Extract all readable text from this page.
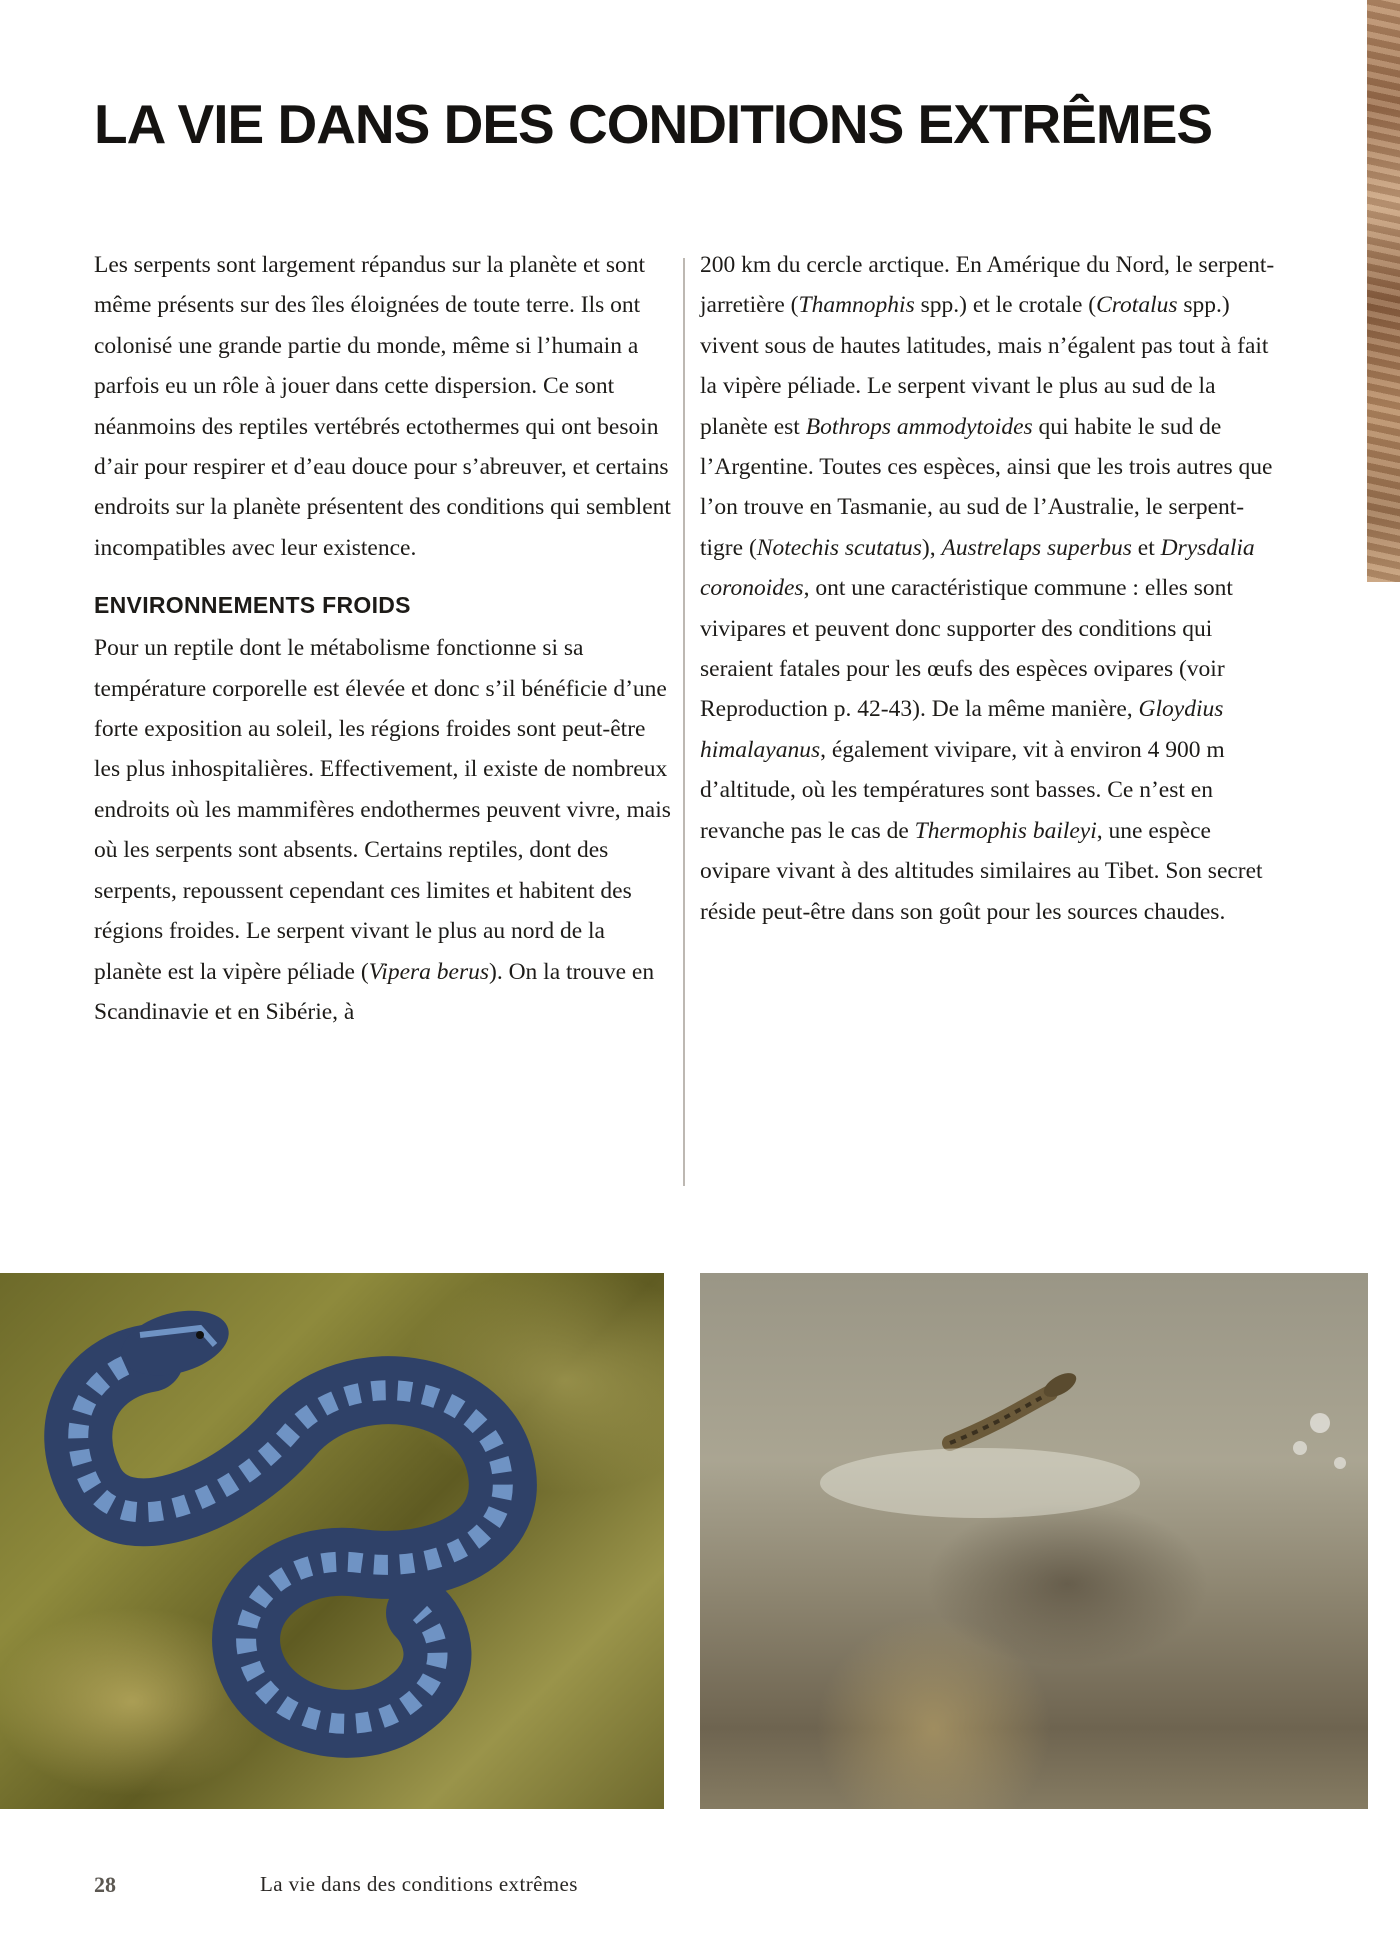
LA VIE DANS DES CONDITIONS EXTRÊMES

Les serpents sont largement répandus sur la planète et sont même présents sur des îles éloignées de toute terre. Ils ont colonisé une grande partie du monde, même si l’humain a parfois eu un rôle à jouer dans cette dispersion. Ce sont néanmoins des reptiles vertébrés ectothermes qui ont besoin d’air pour respirer et d’eau douce pour s’abreuver, et certains endroits sur la planète présentent des conditions qui semblent incompatibles avec leur existence.

ENVIRONNEMENTS FROIDS

Pour un reptile dont le métabolisme fonctionne si sa température corporelle est élevée et donc s’il bénéficie d’une forte exposition au soleil, les régions froides sont peut-être les plus inhospitalières. Effectivement, il existe de nombreux endroits où les mammifères endothermes peuvent vivre, mais où les serpents sont absents. Certains reptiles, dont des serpents, repoussent cependant ces limites et habitent des régions froides. Le serpent vivant le plus au nord de la planète est la vipère péliade (Vipera berus). On la trouve en Scandinavie et en Sibérie, à

200 km du cercle arctique. En Amérique du Nord, le serpent-jarretière (Thamnophis spp.) et le crotale (Crotalus spp.) vivent sous de hautes latitudes, mais n’égalent pas tout à fait la vipère péliade. Le serpent vivant le plus au sud de la planète est Bothrops ammodytoides qui habite le sud de l’Argentine. Toutes ces espèces, ainsi que les trois autres que l’on trouve en Tasmanie, au sud de l’Australie, le serpent-tigre (Notechis scutatus), Austrelaps superbus et Drysdalia coronoides, ont une caractéristique commune : elles sont vivipares et peuvent donc supporter des conditions qui seraient fatales pour les œufs des espèces ovipares (voir Reproduction p. 42-43). De la même manière, Gloydius himalayanus, également vivipare, vit à environ 4 900 m d’altitude, où les températures sont basses. Ce n’est en revanche pas le cas de Thermophis baileyi, une espèce ovipare vivant à des altitudes similaires au Tibet. Son secret réside peut-être dans son goût pour les sources chaudes.

28	La vie dans des conditions extrêmes
